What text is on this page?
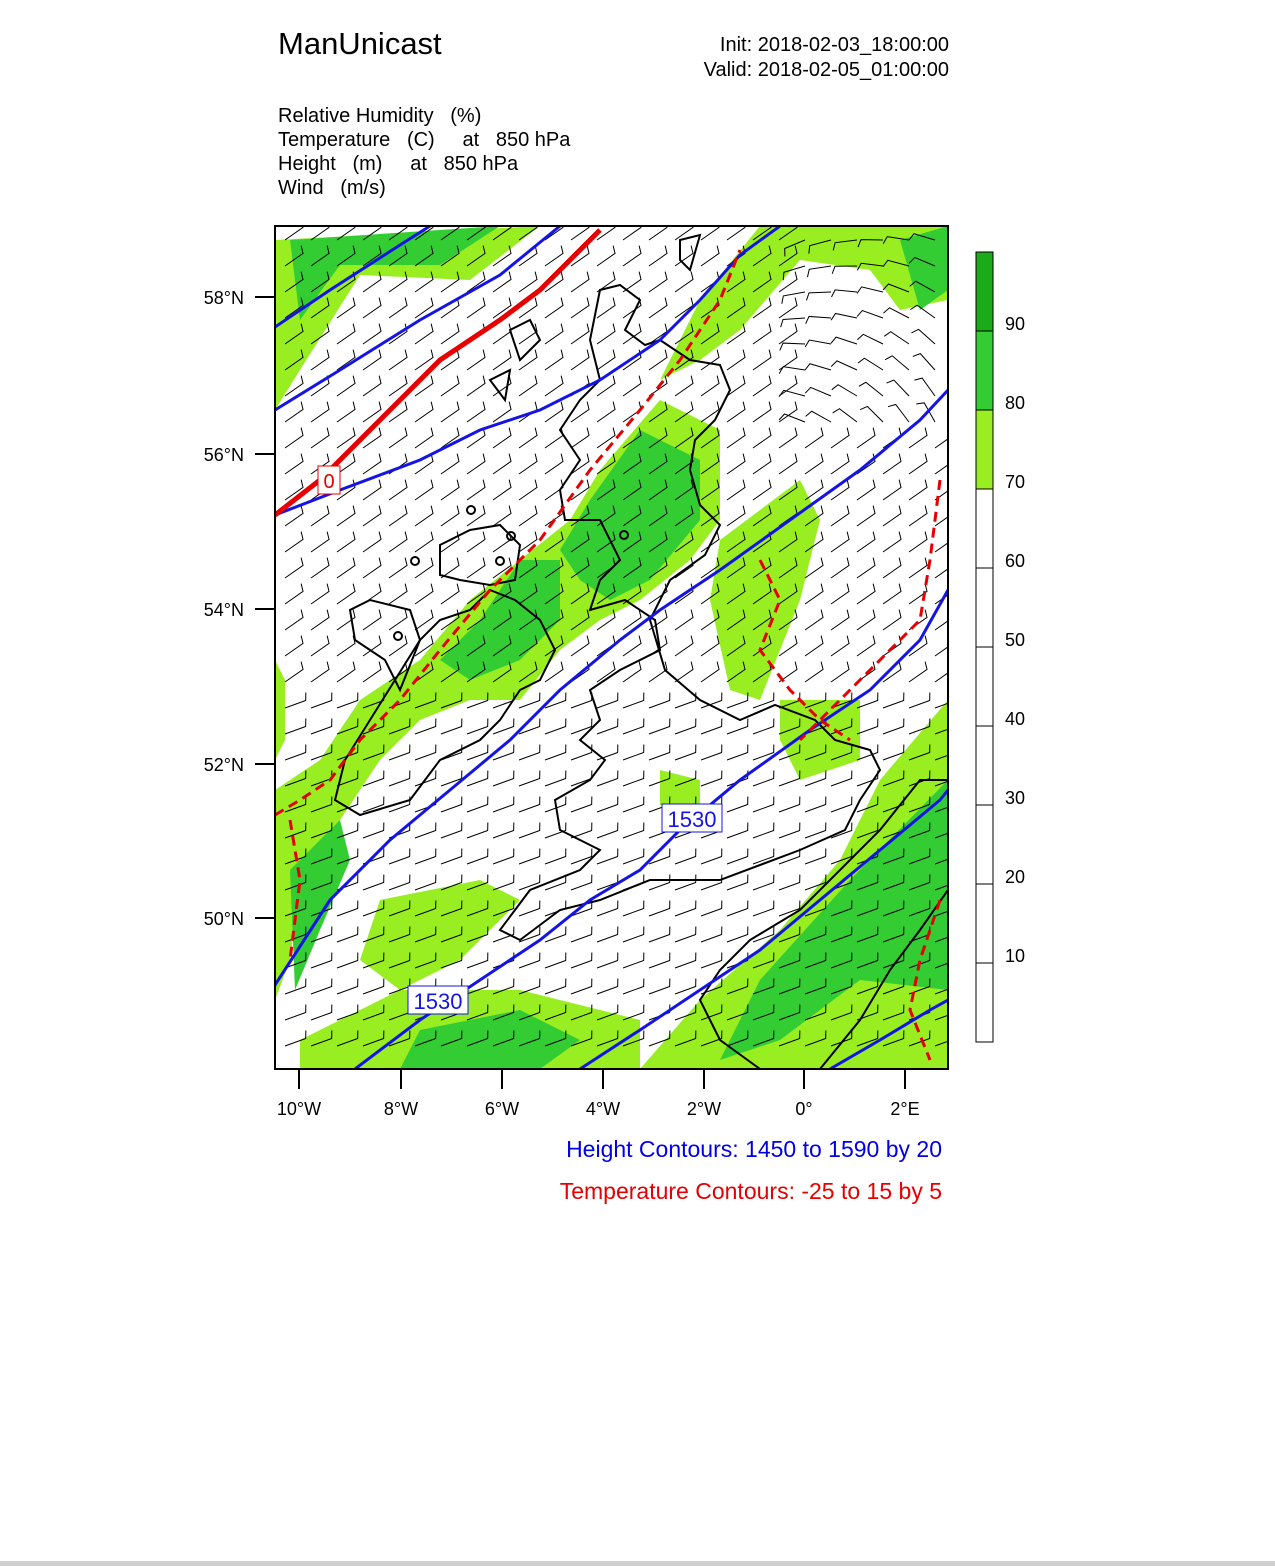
ManUnicast	Init: 2018-02-03_18:00:00
Valid: 2018-02-05_01:00:00
Relative Humidity   (%)
Temperature   (C)     at   850 hPa
Height   (m)     at   850 hPa
Wind   (m/s)
0
1530
1530
58°N
56°N
54°N
52°N
50°N
10°W	8°W	6°W	4°W	2°W	0°	2°E
90
80
70
60
50
40
30
20
10
Height Contours: 1450 to 1590 by 20
Temperature Contours: -25 to 15 by 5
